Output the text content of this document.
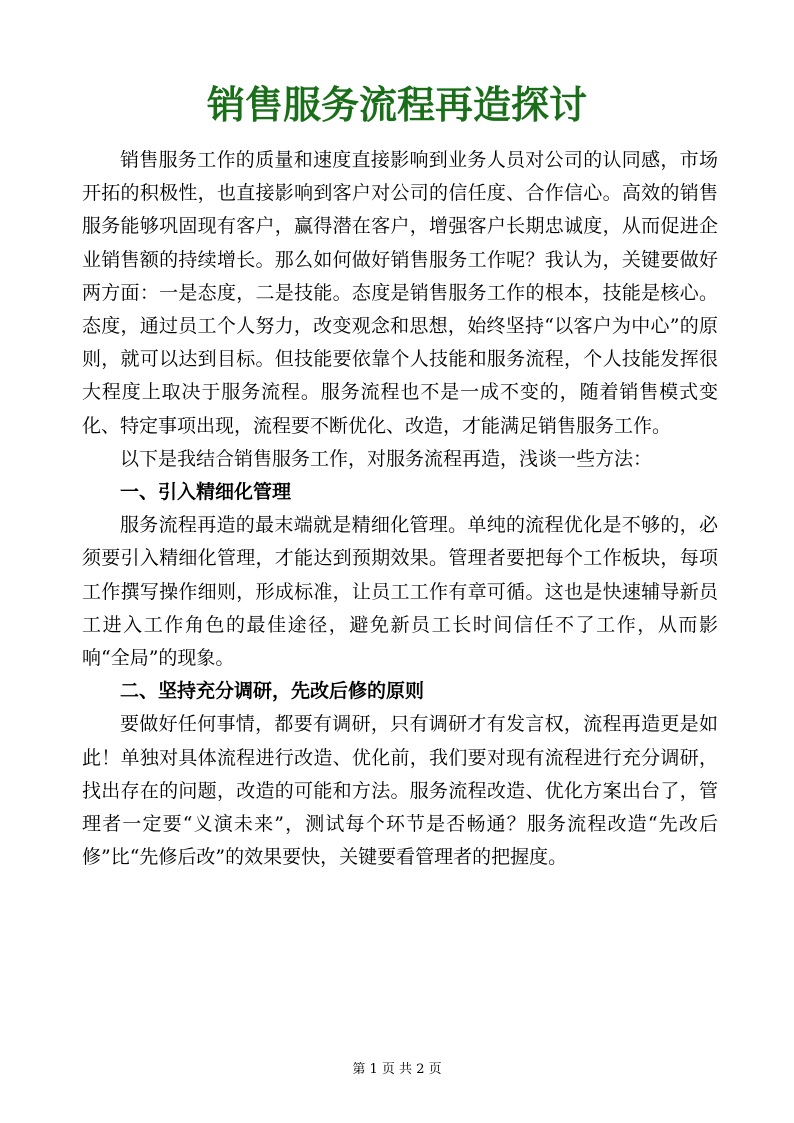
销售服务流程再造探讨

销售服务工作的质量和速度直接影响到业务人员对公司的认同感，市场开拓的积极性，也直接影响到客户对公司的信任度、合作信心。高效的销售服务能够巩固现有客户，赢得潜在客户，增强客户长期忠诚度，从而促进企业销售额的持续增长。那么如何做好销售服务工作呢？我认为，关键要做好两方面：一是态度，二是技能。态度是销售服务工作的根本，技能是核心。态度，通过员工个人努力，改变观念和思想，始终坚持“以客户为中心”的原则，就可以达到目标。但技能要依靠个人技能和服务流程，个人技能发挥很大程度上取决于服务流程。服务流程也不是一成不变的，随着销售模式变化、特定事项出现，流程要不断优化、改造，才能满足销售服务工作。

以下是我结合销售服务工作，对服务流程再造，浅谈一些方法：

一、引入精细化管理

服务流程再造的最末端就是精细化管理。单纯的流程优化是不够的，必须要引入精细化管理，才能达到预期效果。管理者要把每个工作板块，每项工作撰写操作细则，形成标准，让员工工作有章可循。这也是快速辅导新员工进入工作角色的最佳途径，避免新员工长时间信任不了工作，从而影响“全局”的现象。

二、坚持充分调研，先改后修的原则

要做好任何事情，都要有调研，只有调研才有发言权，流程再造更是如此！单独对具体流程进行改造、优化前，我们要对现有流程进行充分调研，找出存在的问题，改造的可能和方法。服务流程改造、优化方案出台了，管理者一定要“义演未来”，测试每个环节是否畅通？服务流程改造“先改后修”比“先修后改”的效果要快，关键要看管理者的把握度。

第 1 页 共 2 页
